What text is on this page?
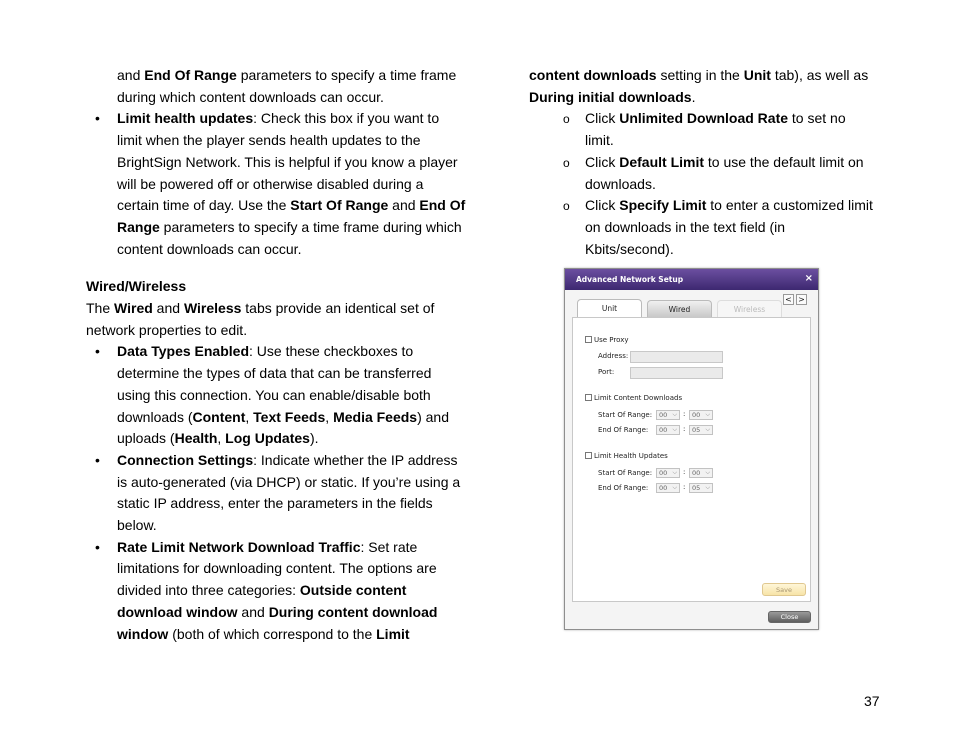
and End Of Range parameters to specify a time frame during which content downloads can occur.

• Limit health updates: Check this box if you want to limit when the player sends health updates to the BrightSign Network. This is helpful if you know a player will be powered off or otherwise disabled during a certain time of day. Use the Start Of Range and End Of Range parameters to specify a time frame during which content downloads can occur.

Wired/Wireless

The Wired and Wireless tabs provide an identical set of network properties to edit.

• Data Types Enabled: Use these checkboxes to determine the types of data that can be transferred using this connection. You can enable/disable both downloads (Content, Text Feeds, Media Feeds) and uploads (Health, Log Updates).

• Connection Settings: Indicate whether the IP address is auto-generated (via DHCP) or static. If you’re using a static IP address, enter the parameters in the fields below.

• Rate Limit Network Download Traffic: Set rate limitations for downloading content. The options are divided into three categories: Outside content download window and During content download window (both of which correspond to the Limit

content downloads setting in the Unit tab), as well as During initial downloads.

o Click Unlimited Download Rate to set no limit.

o Click Default Limit to use the default limit on downloads.

o Click Specify Limit to enter a customized limit on downloads in the text field (in Kbits/second).

Advanced Network Setup	×
Unit	Wired	Wireless
< >
Use Proxy
Address:
Port:
Limit Content Downloads
Start Of Range:	00 ⌵ :	00 ⌵
End Of Range:	00 ⌵ :	05 ⌵
Limit Health Updates
Start Of Range:	00 ⌵ :	00 ⌵
End Of Range:	00 ⌵ :	05 ⌵
Save
Close
37
